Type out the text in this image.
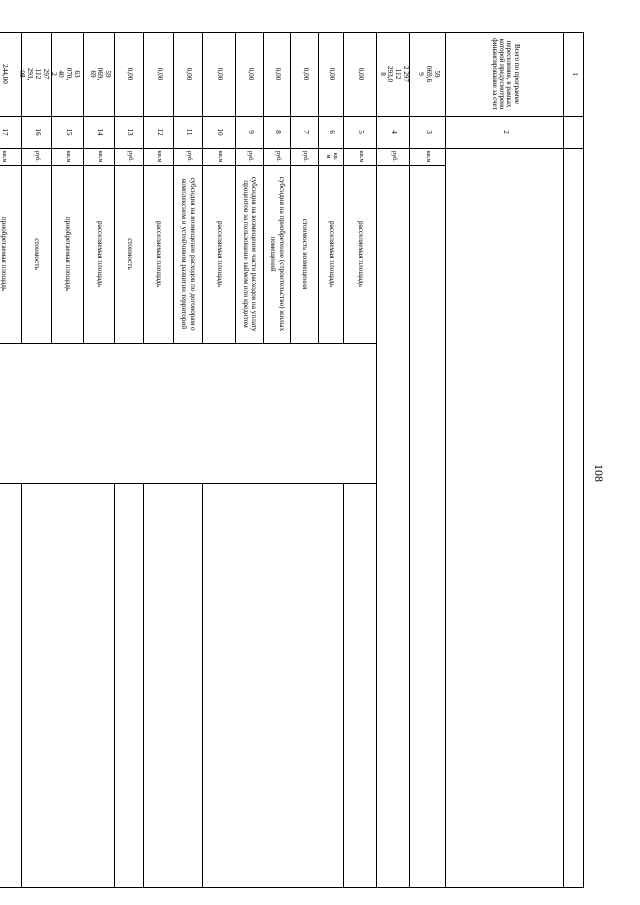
108
1
2
Всего по программе переселения, в рамках которой предусмотрено финансирование за счет
59
069,6
9
3
кв.м
2 297
112
293,0
8
4
руб.
0,00
5
кв.м
расселяемая площадь
0,00
6
кв.
м
расселяемая площадь
0,00
7
руб.
стоимость возмещения
0,00
8
руб.
субсидия на приобретение (строительство) жилых помещений
0,00
9
руб.
субсидия на возмещение части расходов на уплату процентов за пользование займом или кредитом
0,00
10
кв.м
расселяемая площадь
0,00
11
руб.
субсидия на возмещение расходов по договорам о комплексном и устойчивом развитии территорий
0,00
12
кв.м
расселяемая площадь
0,00
13
руб.
стоимость
59
069,
69
14
кв.м
расселяемая площадь
63
070,
40
15
кв.м
приобретаемая площадь
2
297
112
293,
08
16
руб.
стоимость
244,00
17
кв.м
приобретаемая площадь
